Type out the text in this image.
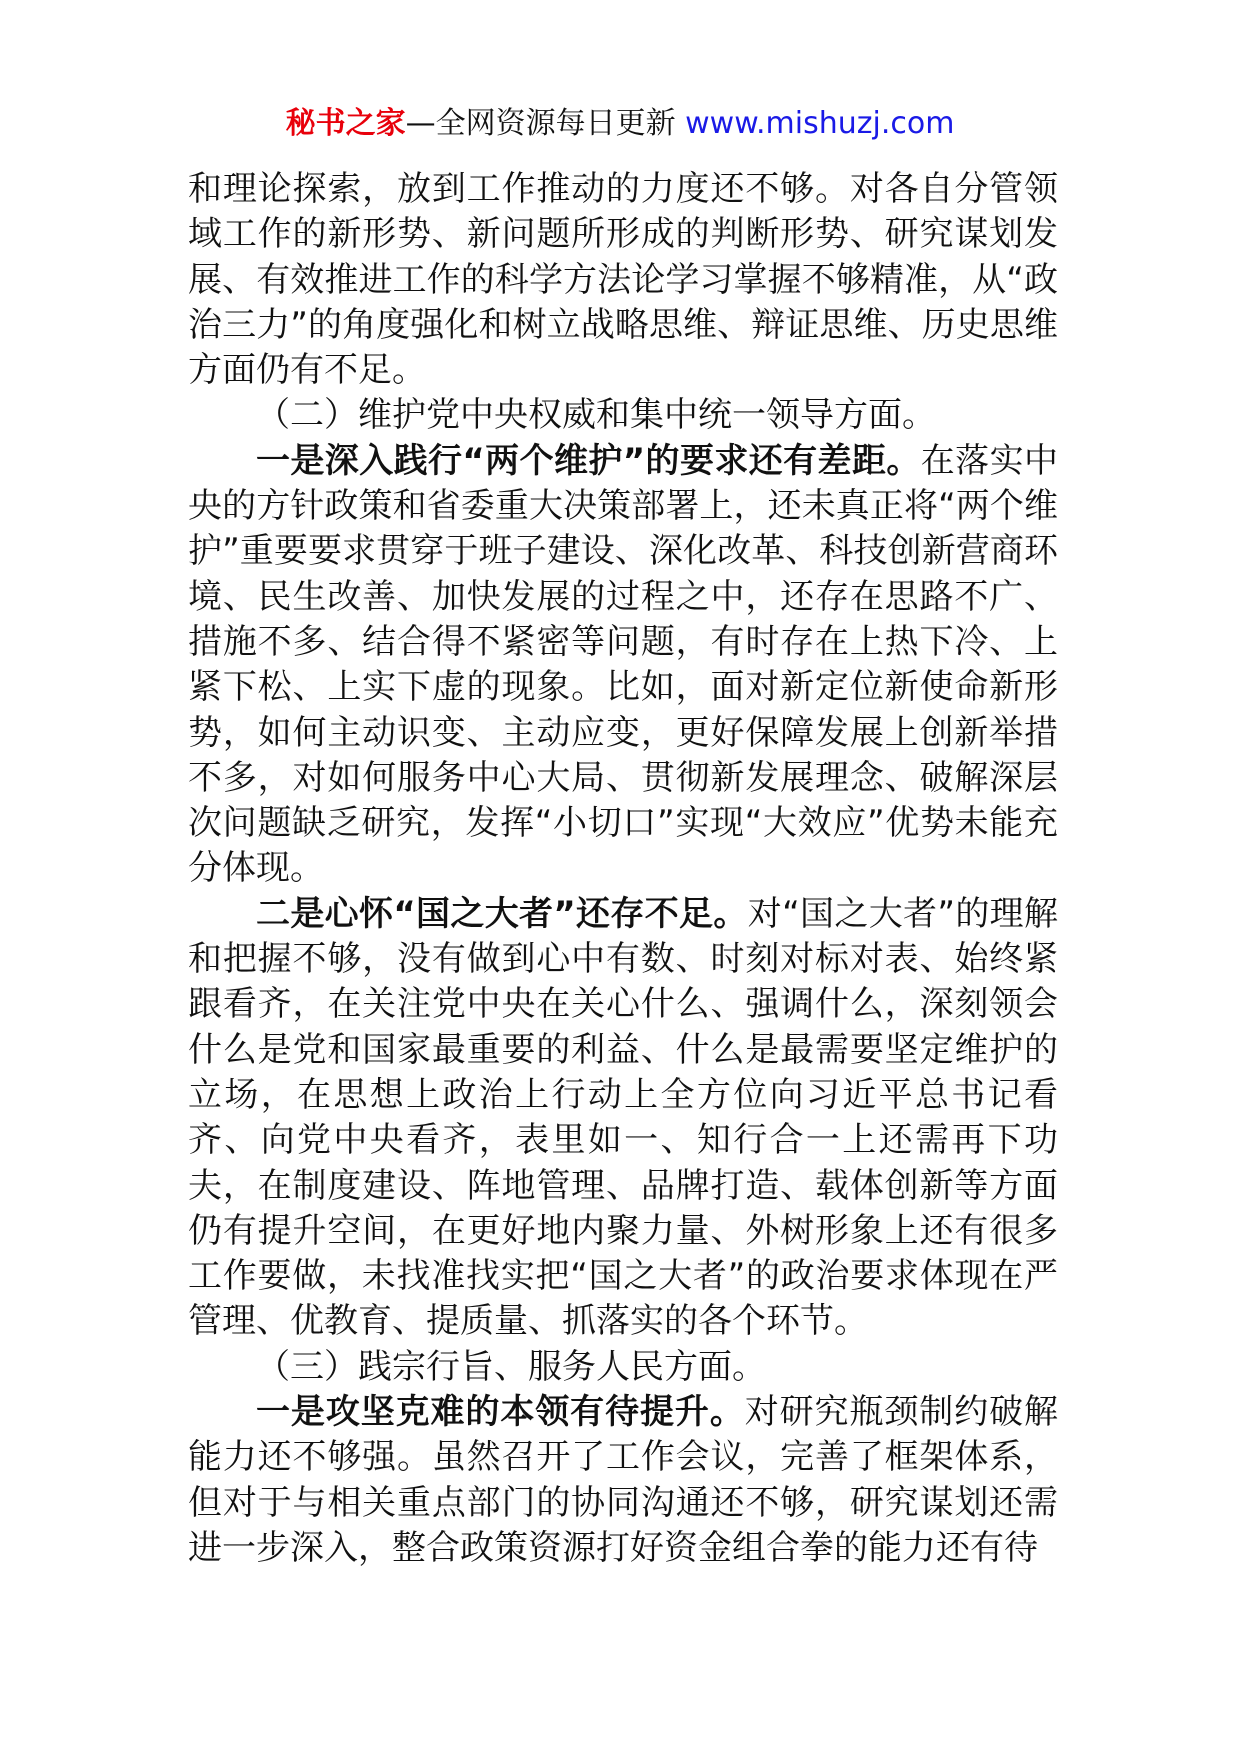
秘书之家—全网资源每日更新 www.mishuzj.com

和理论探索，放到工作推动的力度还不够。对各自分管领域工作的新形势、新问题所形成的判断形势、研究谋划发展、有效推进工作的科学方法论学习掌握不够精准，从“政治三力”的角度强化和树立战略思维、辩证思维、历史思维方面仍有不足。

（二）维护党中央权威和集中统一领导方面。

一是深入践行“两个维护”的要求还有差距。在落实中央的方针政策和省委重大决策部署上，还未真正将“两个维护”重要要求贯穿于班子建设、深化改革、科技创新营商环境、民生改善、加快发展的过程之中，还存在思路不广、措施不多、结合得不紧密等问题，有时存在上热下冷、上紧下松、上实下虚的现象。比如，面对新定位新使命新形势，如何主动识变、主动应变，更好保障发展上创新举措不多，对如何服务中心大局、贯彻新发展理念、破解深层次问题缺乏研究，发挥“小切口”实现“大效应”优势未能充分体现。

二是心怀“国之大者”还存不足。对“国之大者”的理解和把握不够，没有做到心中有数、时刻对标对表、始终紧跟看齐，在关注党中央在关心什么、强调什么，深刻领会什么是党和国家最重要的利益、什么是最需要坚定维护的立场，在思想上政治上行动上全方位向习近平总书记看齐、向党中央看齐，表里如一、知行合一上还需再下功夫，在制度建设、阵地管理、品牌打造、载体创新等方面仍有提升空间，在更好地内聚力量、外树形象上还有很多工作要做，未找准找实把“国之大者”的政治要求体现在严管理、优教育、提质量、抓落实的各个环节。

（三）践宗行旨、服务人民方面。

一是攻坚克难的本领有待提升。对研究瓶颈制约破解能力还不够强。虽然召开了工作会议，完善了框架体系，但对于与相关重点部门的协同沟通还不够，研究谋划还需进一步深入，整合政策资源打好资金组合拳的能力还有待
